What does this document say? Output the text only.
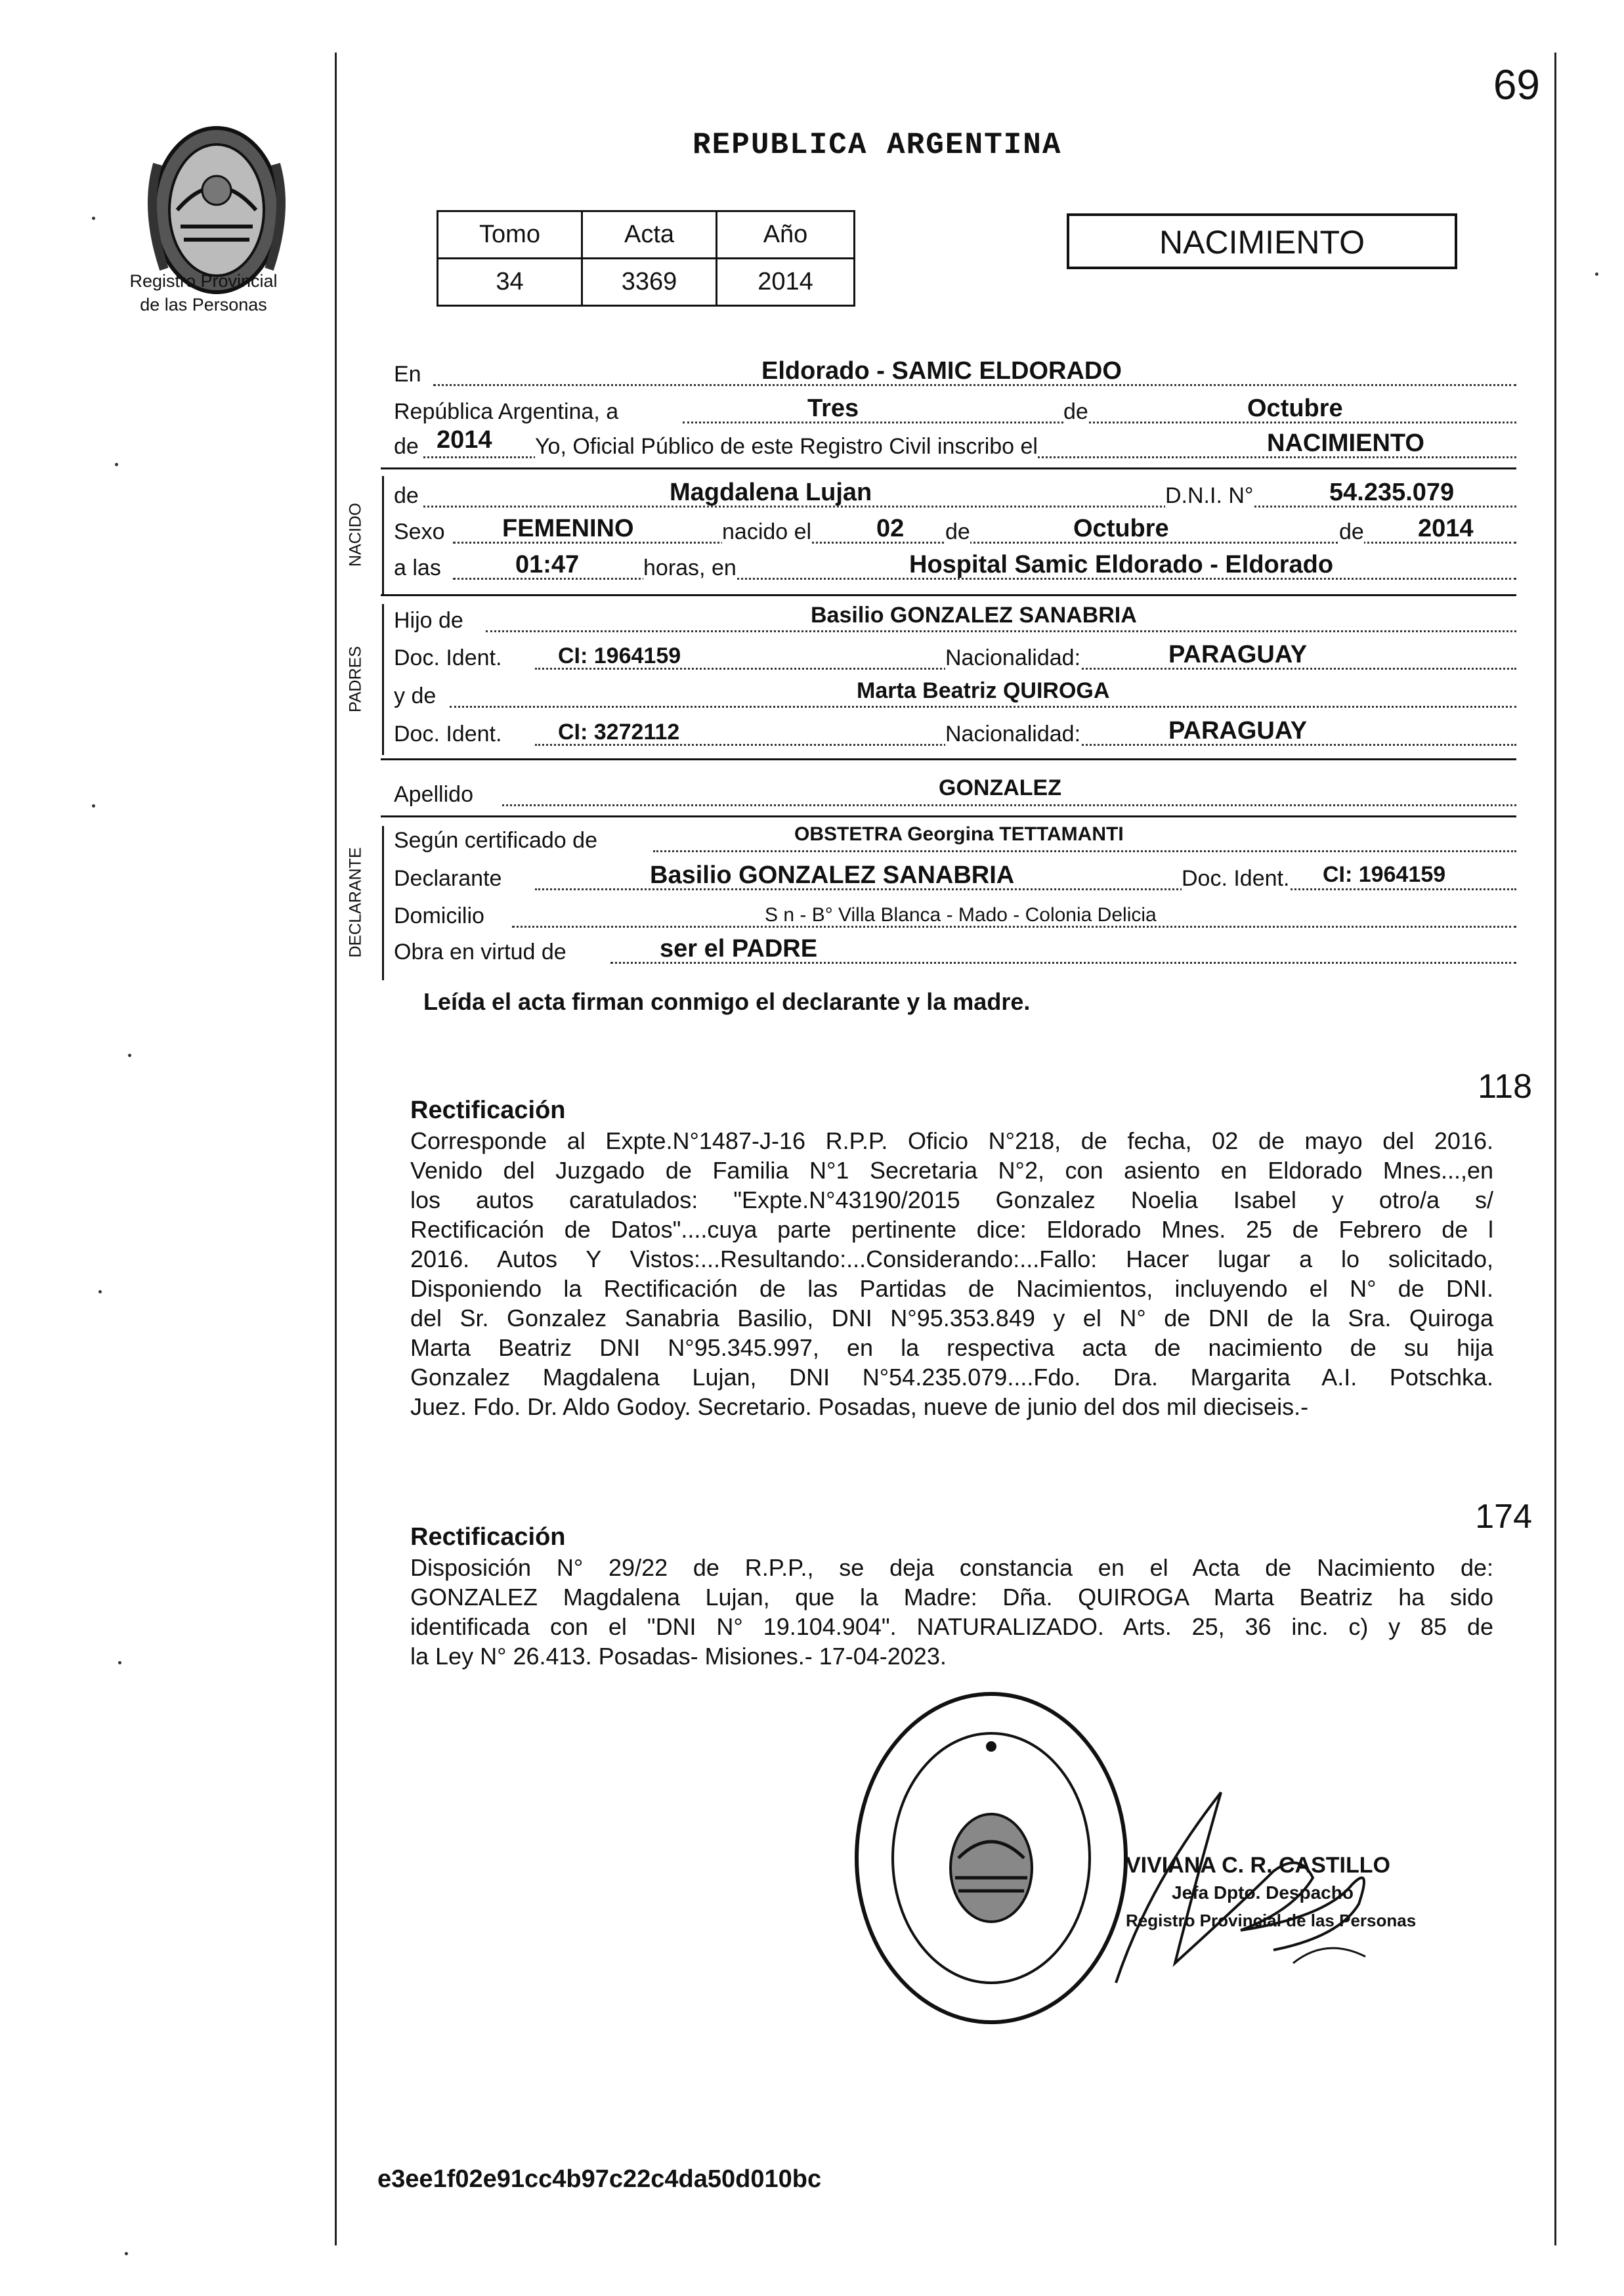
69
Registro Provincial
de las Personas
REPUBLICA ARGENTINA
Tomo	Acta	Año
34	3369	2014
NACIMIENTO
En	Eldorado - SAMIC ELDORADO
República Argentina, a	Tres	de	Octubre
de 2014 Yo, Oficial Público de este Registro Civil inscribo el	NACIMIENTO
NACIDO
de	Magdalena Lujan	D.N.I. N°	54.235.079
Sexo FEMENINO	nacido el	02 de	Octubre	de 2014
a las	01:47	horas, en	Hospital Samic Eldorado - Eldorado
PADRES
Hijo de	Basilio GONZALEZ SANABRIA
Doc. Ident.	CI: 1964159	Nacionalidad:	PARAGUAY
y de	Marta Beatriz QUIROGA
Doc. Ident.	CI: 3272112	Nacionalidad:	PARAGUAY
Apellido	GONZALEZ
DECLARANTE
Según certificado de	OBSTETRA Georgina TETTAMANTI
Declarante	Basilio GONZALEZ SANABRIA	Doc. Ident. CI: 1964159
Domicilio	S n - B° Villa Blanca - Mado - Colonia Delicia
Obra en virtud de	ser el PADRE
Leída el acta firman conmigo el declarante y la madre.
118
Rectificación
Corresponde al Expte.N°1487-J-16 R.P.P. Oficio N°218, de fecha, 02 de mayo del 2016.
Venido del Juzgado de Familia N°1 Secretaria N°2, con asiento en Eldorado Mnes...,en
los autos caratulados: "Expte.N°43190/2015 Gonzalez Noelia Isabel y otro/a s/
Rectificación de Datos"....cuya parte pertinente dice: Eldorado Mnes. 25 de Febrero de l
2016. Autos Y Vistos:...Resultando:...Considerando:...Fallo: Hacer lugar a lo solicitado,
Disponiendo la Rectificación de las Partidas de Nacimientos, incluyendo el N° de DNI.
del Sr. Gonzalez Sanabria Basilio, DNI N°95.353.849 y el N° de DNI de la Sra. Quiroga
Marta Beatriz DNI N°95.345.997, en la respectiva acta de nacimiento de su hija
Gonzalez Magdalena Lujan, DNI N°54.235.079....Fdo. Dra. Margarita A.I. Potschka.
Juez. Fdo. Dr. Aldo Godoy. Secretario. Posadas, nueve de junio del dos mil dieciseis.-
174
Rectificación
Disposición N° 29/22 de R.P.P., se deja constancia en el Acta de Nacimiento de:
GONZALEZ Magdalena Lujan, que la Madre: Dña. QUIROGA Marta Beatriz ha sido
identificada con el "DNI N° 19.104.904". NATURALIZADO. Arts. 25, 36 inc. c) y 85 de
la Ley N° 26.413. Posadas- Misiones.- 17-04-2023.
VIVIANA C. R. CASTILLO
Jefa Dpto. Despacho
Registro Provincial de las Personas
e3ee1f02e91cc4b97c22c4da50d010bc
